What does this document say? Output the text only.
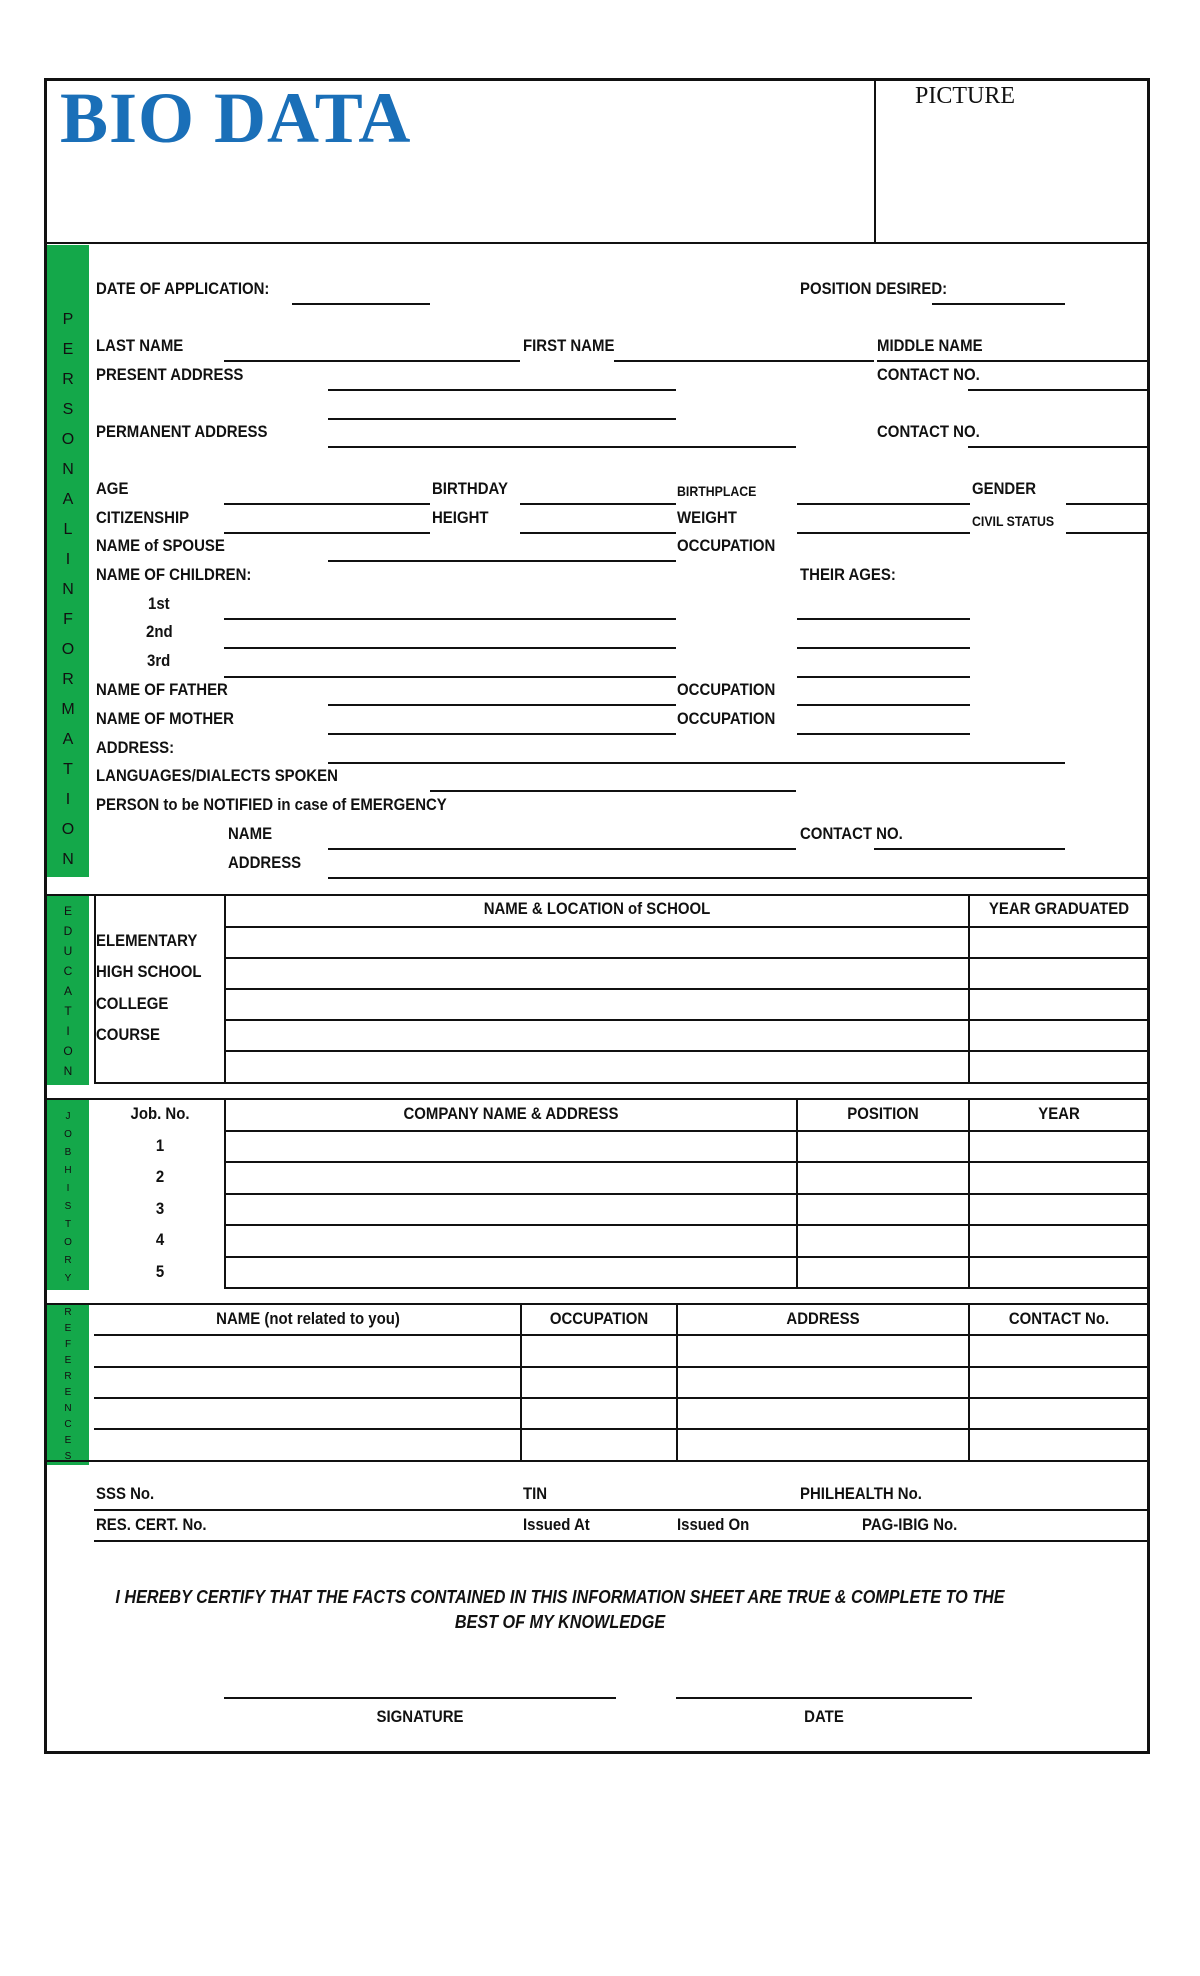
BIO DATA	PICTURE
P
E
R
S
O
N
A
L
I
N
F
O
R
M
A
T
I
O
N
E
D
U
C
A
T
I
O
N
J
O
B
H
I
S
T
O
R
Y
R
E
F
E
R
E
N
C
E
S
DATE OF APPLICATION:	POSITION DESIRED:
LAST NAME	FIRST NAME	MIDDLE NAME
PRESENT ADDRESS	CONTACT NO.
PERMANENT ADDRESS	CONTACT NO.
AGE	BIRTHDAY	BIRTHPLACE	GENDER
CITIZENSHIP	HEIGHT	WEIGHT	CIVIL STATUS
NAME of SPOUSE	OCCUPATION
NAME OF CHILDREN:	THEIR AGES:
1st
2nd
3rd
NAME OF FATHER	OCCUPATION
NAME OF MOTHER	OCCUPATION
ADDRESS:
LANGUAGES/DIALECTS SPOKEN
PERSON to be NOTIFIED in case of EMERGENCY
NAME	CONTACT NO.
ADDRESS
NAME & LOCATION of SCHOOL	YEAR GRADUATED
ELEMENTARY
HIGH SCHOOL
COLLEGE
COURSE
Job. No.	COMPANY NAME & ADDRESS	POSITION	YEAR
1
2
3
4
5
NAME (not related to you)	OCCUPATION	ADDRESS	CONTACT No.
SSS No.	TIN	PHILHEALTH No.
RES. CERT. No.	Issued At	Issued On	PAG-IBIG No.
I HEREBY CERTIFY THAT THE FACTS CONTAINED IN THIS INFORMATION SHEET ARE TRUE & COMPLETE TO THE BEST OF MY KNOWLEDGE
SIGNATURE	DATE
